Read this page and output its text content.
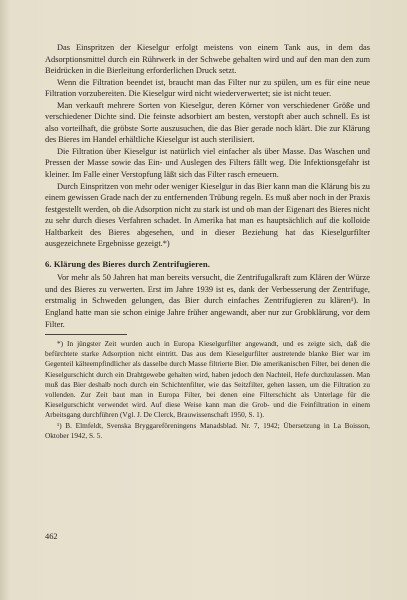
Das Einspritzen der Kieselgur erfolgt meistens von einem Tank aus, in dem das Adsorptionsmittel durch ein Rührwerk in der Schwebe gehalten wird und auf den man den zum Beidrücken in die Bierleitung erforderlichen Druck setzt.

Wenn die Filtration beendet ist, braucht man das Filter nur zu spülen, um es für eine neue Filtration vorzubereiten. Die Kieselgur wird nicht wiederverwertet; sie ist nicht teuer.

Man verkauft mehrere Sorten von Kieselgur, deren Körner von verschiedener Größe und verschiedener Dichte sind. Die feinste adsorbiert am besten, verstopft aber auch schnell. Es ist also vorteilhaft, die gröbste Sorte auszusuchen, die das Bier gerade noch klärt. Die zur Klärung des Bieres im Handel erhältliche Kieselgur ist auch sterilisiert.

Die Filtration über Kieselgur ist natürlich viel einfacher als über Masse. Das Waschen und Pressen der Masse sowie das Ein- und Auslegen des Filters fällt weg. Die Infektionsgefahr ist kleiner. Im Falle einer Verstopfung läßt sich das Filter rasch erneuern.

Durch Einspritzen von mehr oder weniger Kieselgur in das Bier kann man die Klärung bis zu einem gewissen Grade nach der zu entfernenden Trübung regeln. Es muß aber noch in der Praxis festgestellt werden, ob die Adsorption nicht zu stark ist und ob man der Eigenart des Bieres nicht zu sehr durch dieses Verfahren schadet. In Amerika hat man es hauptsächlich auf die kolloide Haltbarkeit des Bieres abgesehen, und in dieser Beziehung hat das Kieselgurfilter ausgezeichnete Ergebnisse gezeigt.*)

6. Klärung des Bieres durch Zentrifugieren.

Vor mehr als 50 Jahren hat man bereits versucht, die Zentrifugalkraft zum Klären der Würze und des Bieres zu verwerten. Erst im Jahre 1939 ist es, dank der Verbesserung der Zentrifuge, erstmalig in Schweden gelungen, das Bier durch einfaches Zentrifugieren zu klären¹). In England hatte man sie schon einige Jahre früher angewandt, aber nur zur Grobklärung, vor dem Filter.

*) In jüngster Zeit wurden auch in Europa Kieselgurfilter angewandt, und es zeigte sich, daß die befürchtete starke Adsorption nicht eintritt. Das aus dem Kieselgurfilter austretende blanke Bier war im Gegenteil kälteempfindlicher als dasselbe durch Masse filtrierte Bier. Die amerikanischen Filter, bei denen die Kieselgurschicht durch ein Drahtgewebe gehalten wird, haben jedoch den Nachteil, Hefe durchzulassen. Man muß das Bier deshalb noch durch ein Schichtenfilter, wie das Seitzfilter, gehen lassen, um die Filtration zu vollenden. Zur Zeit baut man in Europa Filter, bei denen eine Filterschicht als Unterlage für die Kieselgurschicht verwendet wird. Auf diese Weise kann man die Grob- und die Feinfiltration in einem Arbeitsgang durchführen (Vgl. J. De Clerck, Brauwissenschaft 1950, S. 1).

¹) B. Elmfeldt, Svenska Bryggareföreningens Manadsblad. Nr. 7, 1942; Übersetzung in La Boisson, Oktober 1942, S. 5.

462
